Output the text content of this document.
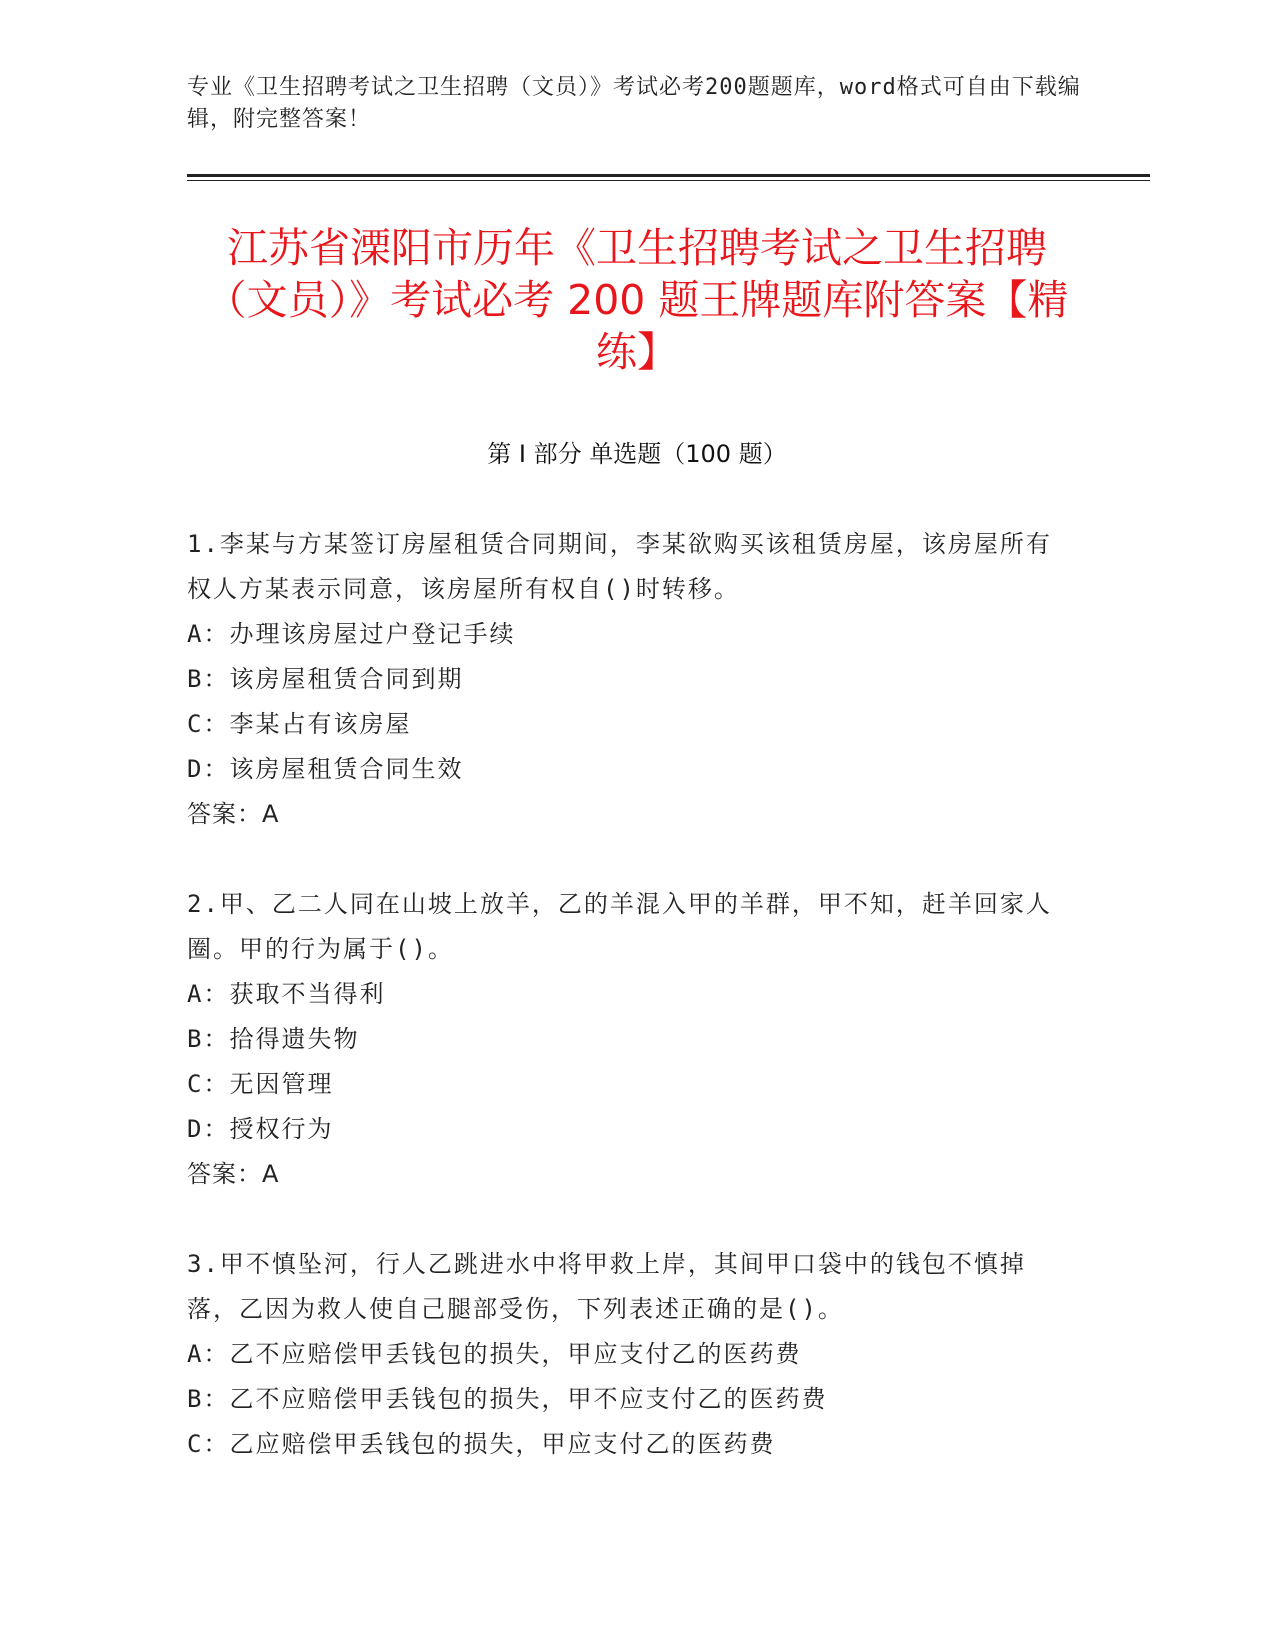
专业《卫生招聘考试之卫生招聘（文员）》考试必考200题题库，word格式可自由下载编辑，附完整答案！
江苏省溧阳市历年《卫生招聘考试之卫生招聘（文员）》考试必考 200 题王牌题库附答案【精练】
第 I 部分 单选题（100 题）

1.李某与方某签订房屋租赁合同期间，李某欲购买该租赁房屋，该房屋所有权人方某表示同意，该房屋所有权自()时转移。

A：办理该房屋过户登记手续

B：该房屋租赁合同到期

C：李某占有该房屋

D：该房屋租赁合同生效

答案：A

2.甲、乙二人同在山坡上放羊，乙的羊混入甲的羊群，甲不知，赶羊回家人圈。甲的行为属于()。

A：获取不当得利

B：拾得遗失物

C：无因管理

D：授权行为

答案：A

3.甲不慎坠河，行人乙跳进水中将甲救上岸，其间甲口袋中的钱包不慎掉落，乙因为救人使自己腿部受伤，下列表述正确的是()。

A：乙不应赔偿甲丢钱包的损失，甲应支付乙的医药费

B：乙不应赔偿甲丢钱包的损失，甲不应支付乙的医药费

C：乙应赔偿甲丢钱包的损失，甲应支付乙的医药费
